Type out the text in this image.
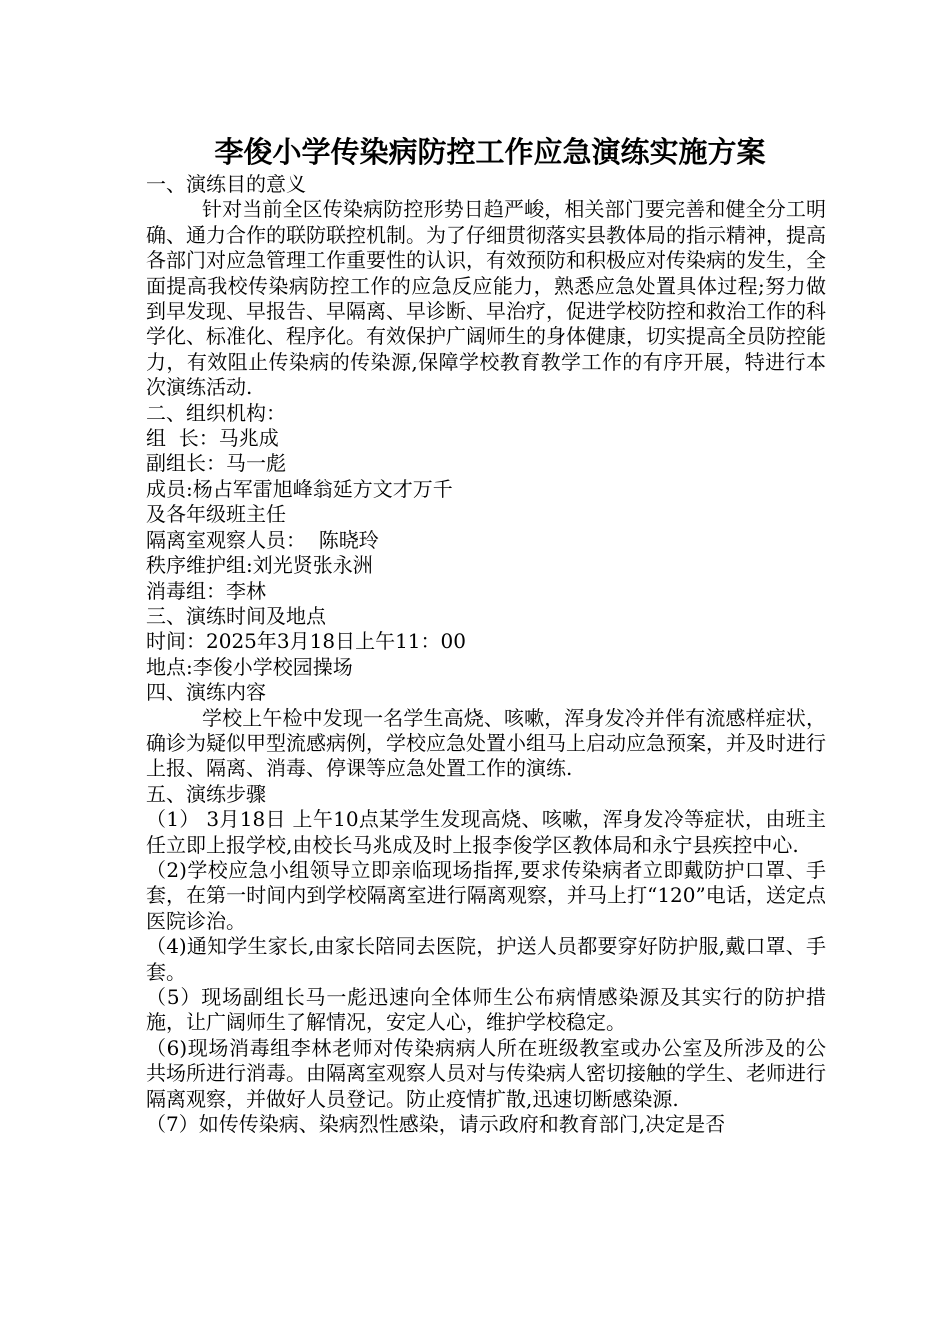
李俊小学传染病防控工作应急演练实施方案

一、演练目的意义

针对当前全区传染病防控形势日趋严峻，相关部门要完善和健全分工明确、通力合作的联防联控机制。为了仔细贯彻落实县教体局的指示精神，提高各部门对应急管理工作重要性的认识，有效预防和积极应对传染病的发生，全面提高我校传染病防控工作的应急反应能力，熟悉应急处置具体过程;努力做到早发现、早报告、早隔离、早诊断、早治疗，促进学校防控和救治工作的科学化、标准化、程序化。有效保护广阔师生的身体健康，切实提高全员防控能力，有效阻止传染病的传染源,保障学校教育教学工作的有序开展，特进行本次演练活动.

二、组织机构：

组  长：马兆成

副组长：马一彪

成员:杨占军雷旭峰翁延方文才万千

及各年级班主任

隔离室观察人员：  陈晓玲

秩序维护组:刘光贤张永洲

消毒组：李林

三、演练时间及地点

时间：2025年3月18日上午11：00

地点:李俊小学校园操场

四、演练内容

学校上午检中发现一名学生高烧、咳嗽，浑身发冷并伴有流感样症状，确诊为疑似甲型流感病例，学校应急处置小组马上启动应急预案，并及时进行上报、隔离、消毒、停课等应急处置工作的演练.

五、演练步骤

（1） 3月18日 上午10点某学生发现高烧、咳嗽，浑身发冷等症状，由班主任立即上报学校,由校长马兆成及时上报李俊学区教体局和永宁县疾控中心.

（2)学校应急小组领导立即亲临现场指挥,要求传染病者立即戴防护口罩、手套，在第一时间内到学校隔离室进行隔离观察，并马上打“120”电话，送定点医院诊治。

（4)通知学生家长,由家长陪同去医院，护送人员都要穿好防护服,戴口罩、手套。

（5）现场副组长马一彪迅速向全体师生公布病情感染源及其实行的防护措施，让广阔师生了解情况，安定人心，维护学校稳定。

（6)现场消毒组李林老师对传染病病人所在班级教室或办公室及所涉及的公共场所进行消毒。由隔离室观察人员对与传染病人密切接触的学生、老师进行隔离观察，并做好人员登记。防止疫情扩散,迅速切断感染源.

（7）如传传染病、染病烈性感染，请示政府和教育部门,决定是否
